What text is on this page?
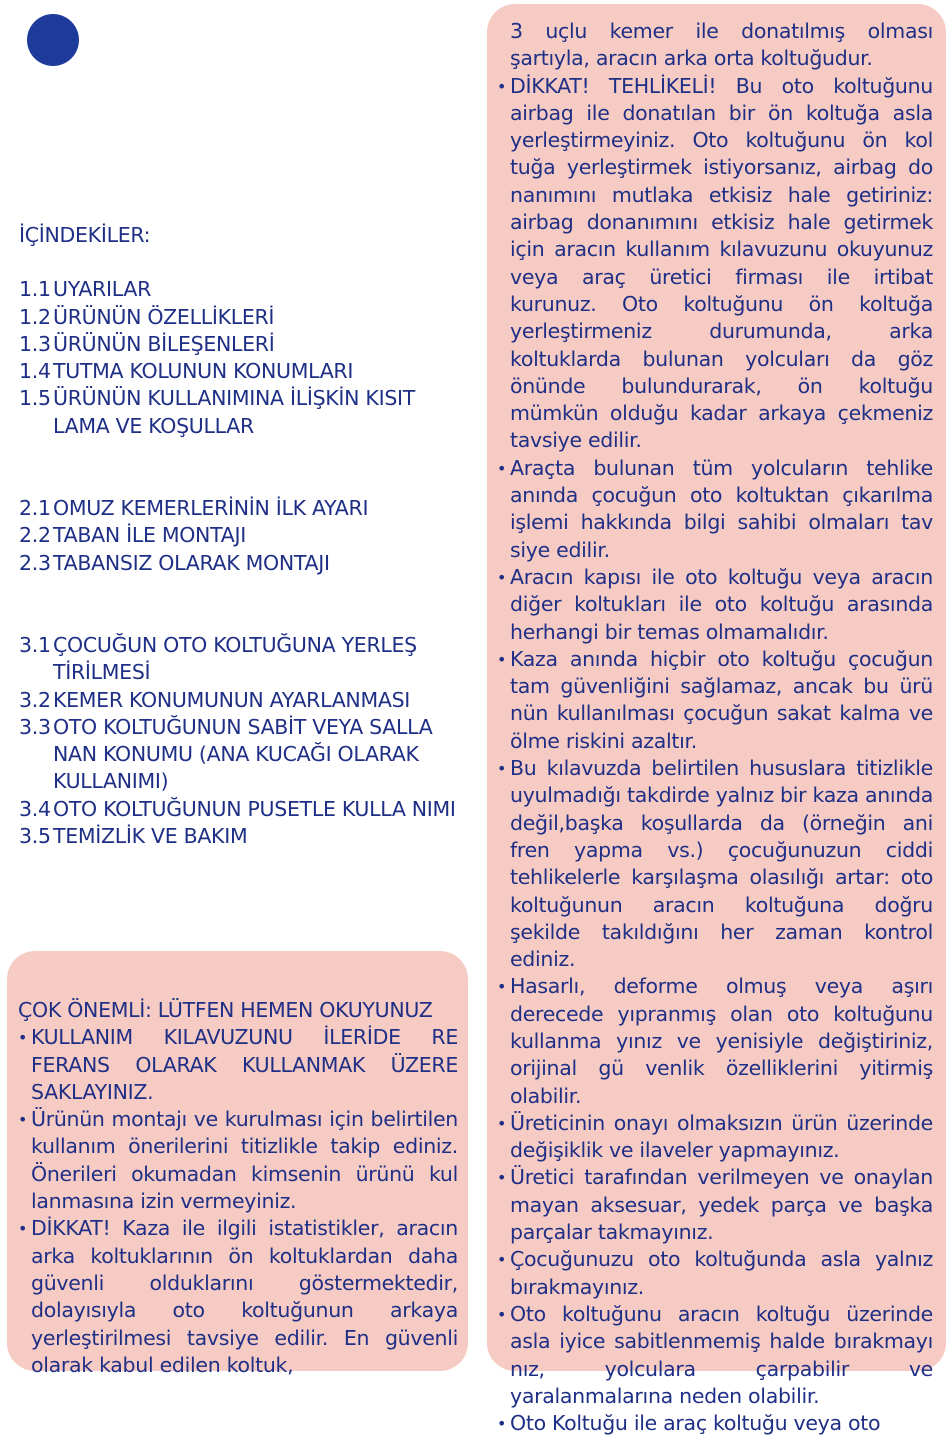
İÇİNDEKİLER:
1.1 UYARILAR
1.2 ÜRÜNÜN ÖZELLİKLERİ
1.3 ÜRÜNÜN BİLEŞENLERİ
1.4 TUTMA KOLUNUN KONUMLARI
1.5 ÜRÜNÜN KULLANIMINA İLİŞKİN KISIT LAMA VE KOŞULLAR
2.1 OMUZ KEMERLERİNİN İLK AYARI
2.2 TABAN İLE MONTAJI
2.3 TABANSIZ OLARAK MONTAJI
3.1 ÇOCUĞUN OTO KOLTUĞUNA YERLEŞ TİRİLMESİ
3.2 KEMER KONUMUNUN AYARLANMASI
3.3 OTO KOLTUĞUNUN SABİT VEYA SALLA NAN KONUMU (ANA KUCAĞI OLARAK KULLANIMI)
3.4 OTO KOLTUĞUNUN PUSETLE KULLA NIMI
3.5 TEMİZLİK VE BAKIM
ÇOK ÖNEMLİ: LÜTFEN HEMEN OKUYUNUZ
• KULLANIM KILAVUZUNU İLERİDE RE FERANS OLARAK KULLANMAK ÜZERE SAKLAYINIZ.
• Ürünün montajı ve kurulması için belirtilen kullanım önerilerini titizlikle takip ediniz. Önerileri okumadan kimsenin ürünü kul lanmasına izin vermeyiniz.
• DİKKAT! Kaza ile ilgili istatistikler, aracın arka koltuklarının ön koltuklardan daha güvenli olduklarını göstermektedir, dolayısıyla oto koltuğunun arkaya yerleştirilmesi tavsiye edilir. En güvenli olarak kabul edilen koltuk,
3 uçlu kemer ile donatılmış olması şartıyla, aracın arka orta koltuğudur.
• DİKKAT! TEHLİKELİ! Bu oto koltuğunu airbag ile donatılan bir ön koltuğa asla yerleştirmeyiniz. Oto koltuğunu ön kol tuğa yerleştirmek istiyorsanız, airbag do nanımını mutlaka etkisiz hale getiriniz: airbag donanımını etkisiz hale getirmek için aracın kullanım kılavuzunu okuyunuz veya araç üretici firması ile irtibat kurunuz. Oto koltuğunu ön koltuğa yerleştirmeniz durumunda, arka koltuklarda bulunan yolcuları da göz önünde bulundurarak, ön koltuğu mümkün olduğu kadar arkaya çekmeniz tavsiye edilir.
• Araçta bulunan tüm yolcuların tehlike anında çocuğun oto koltuktan çıkarılma işlemi hakkında bilgi sahibi olmaları tav siye edilir.
• Aracın kapısı ile oto koltuğu veya aracın diğer koltukları ile oto koltuğu arasında herhangi bir temas olmamalıdır.
• Kaza anında hiçbir oto koltuğu çocuğun tam güvenliğini sağlamaz, ancak bu ürü nün kullanılması çocuğun sakat kalma ve ölme riskini azaltır.
• Bu kılavuzda belirtilen hususlara titizlikle uyulmadığı takdirde yalnız bir kaza anında değil,başka koşullarda da (örneğin ani fren yapma vs.) çocuğunuzun ciddi tehlikelerle karşılaşma olasılığı artar: oto koltuğunun aracın koltuğuna doğru şekilde takıldığını her zaman kontrol ediniz.
• Hasarlı, deforme olmuş veya aşırı derecede yıpranmış olan oto koltuğunu kullanma yınız ve yenisiyle değiştiriniz, orijinal gü venlik özelliklerini yitirmiş olabilir.
• Üreticinin onayı olmaksızın ürün üzerinde değişiklik ve ilaveler yapmayınız.
• Üretici tarafından verilmeyen ve onaylan mayan aksesuar, yedek parça ve başka parçalar takmayınız.
• Çocuğunuzu oto koltuğunda asla yalnız bırakmayınız.
• Oto koltuğunu aracın koltuğu üzerinde asla iyice sabitlenmemiş halde bırakmayı nız, yolculara çarpabilir ve yaralanmalarına neden olabilir.
• Oto Koltuğu ile araç koltuğu veya oto
